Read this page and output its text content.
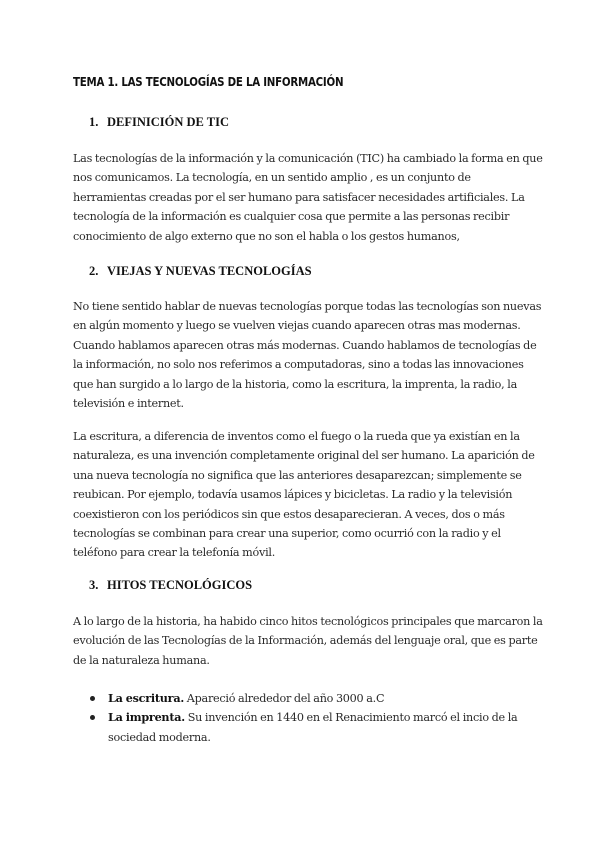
TEMA 1. LAS TECNOLOGÍAS DE LA INFORMACIÓN
1. DEFINICIÓN DE TIC
Las tecnologías de la información y la comunicación (TIC) ha cambiado la forma en que nos comunicamos. La tecnología, en un sentido amplio , es un conjunto de herramientas creadas por el ser humano para satisfacer necesidades artificiales. La tecnología de la información es cualquier cosa que permite a las personas recibir conocimiento de algo externo que no son el habla o los gestos humanos,
2. VIEJAS Y NUEVAS TECNOLOGÍAS
No tiene sentido hablar de nuevas tecnologías porque todas las tecnologías son nuevas en algún momento y luego se vuelven viejas cuando aparecen otras mas modernas. Cuando hablamos aparecen otras más modernas. Cuando hablamos de tecnologías de la información, no solo nos referimos a computadoras, sino a todas las innovaciones que han surgido a lo largo de la historia, como la escritura, la imprenta, la radio, la televisión e internet.
La escritura, a diferencia de inventos como el fuego o la rueda que ya existían en la naturaleza, es una invención completamente original del ser humano. La aparición de una nueva tecnología no significa que las anteriores desaparezcan; simplemente se reubican. Por ejemplo, todavía usamos lápices y bicicletas. La radio y la televisión coexistieron con los periódicos sin que estos desaparecieran. A veces, dos o más tecnologías se combinan para crear una superior, como ocurrió con la radio y el teléfono para crear la telefonía móvil.
3. HITOS TECNOLÓGICOS
A lo largo de la historia, ha habido cinco hitos tecnológicos principales que marcaron la evolución de las Tecnologías de la Información, además del lenguaje oral, que es parte de la naturaleza humana.
La escritura. Apareció alrededor del año 3000 a.C
La imprenta. Su invención en 1440 en el Renacimiento marcó el incio de la sociedad moderna.
